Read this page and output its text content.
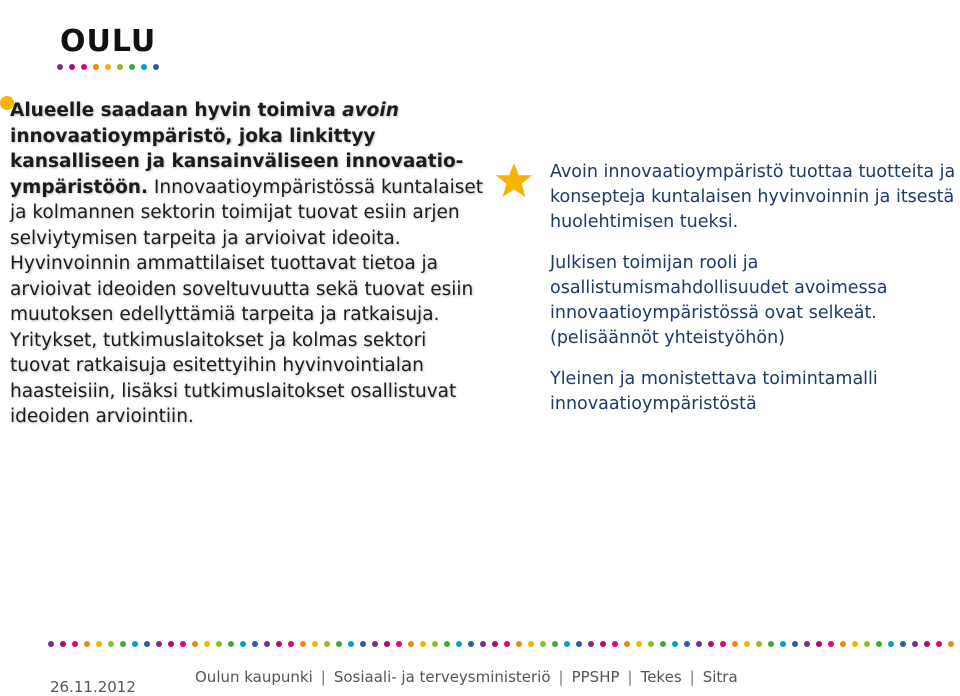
OULU
Alueelle saadaan hyvin toimiva avoin innovaatioympäristö, joka linkittyy kansalliseen ja kansainväliseen innovaatio-ympäristöön. Innovaatioympäristössä kuntalaiset ja kolmannen sektorin toimijat tuovat esiin arjen selviytymisen tarpeita ja arvioivat ideoita. Hyvinvoinnin ammattilaiset tuottavat tietoa ja arvioivat ideoiden soveltuvuutta sekä tuovat esiin muutoksen edellyttämiä tarpeita ja ratkaisuja. Yritykset, tutkimuslaitokset ja kolmas sektori tuovat ratkaisuja esitettyihin hyvinvointialan haasteisiin, lisäksi tutkimuslaitokset osallistuvat ideoiden arviointiin.

Avoin innovaatioympäristö tuottaa tuotteita ja konsepteja kuntalaisen hyvinvoinnin ja itsestä huolehtimisen tueksi.

Julkisen toimijan rooli ja osallistumismahdollisuudet avoimessa innovaatioympäristössä ovat selkeät. (pelisäännöt yhteistyöhön)

Yleinen ja monistettava toimintamalli innovaatioympäristöstä

26.11.2012
Oulun kaupunki | Sosiaali- ja terveysministeriö | PPSHP | Tekes | Sitra
